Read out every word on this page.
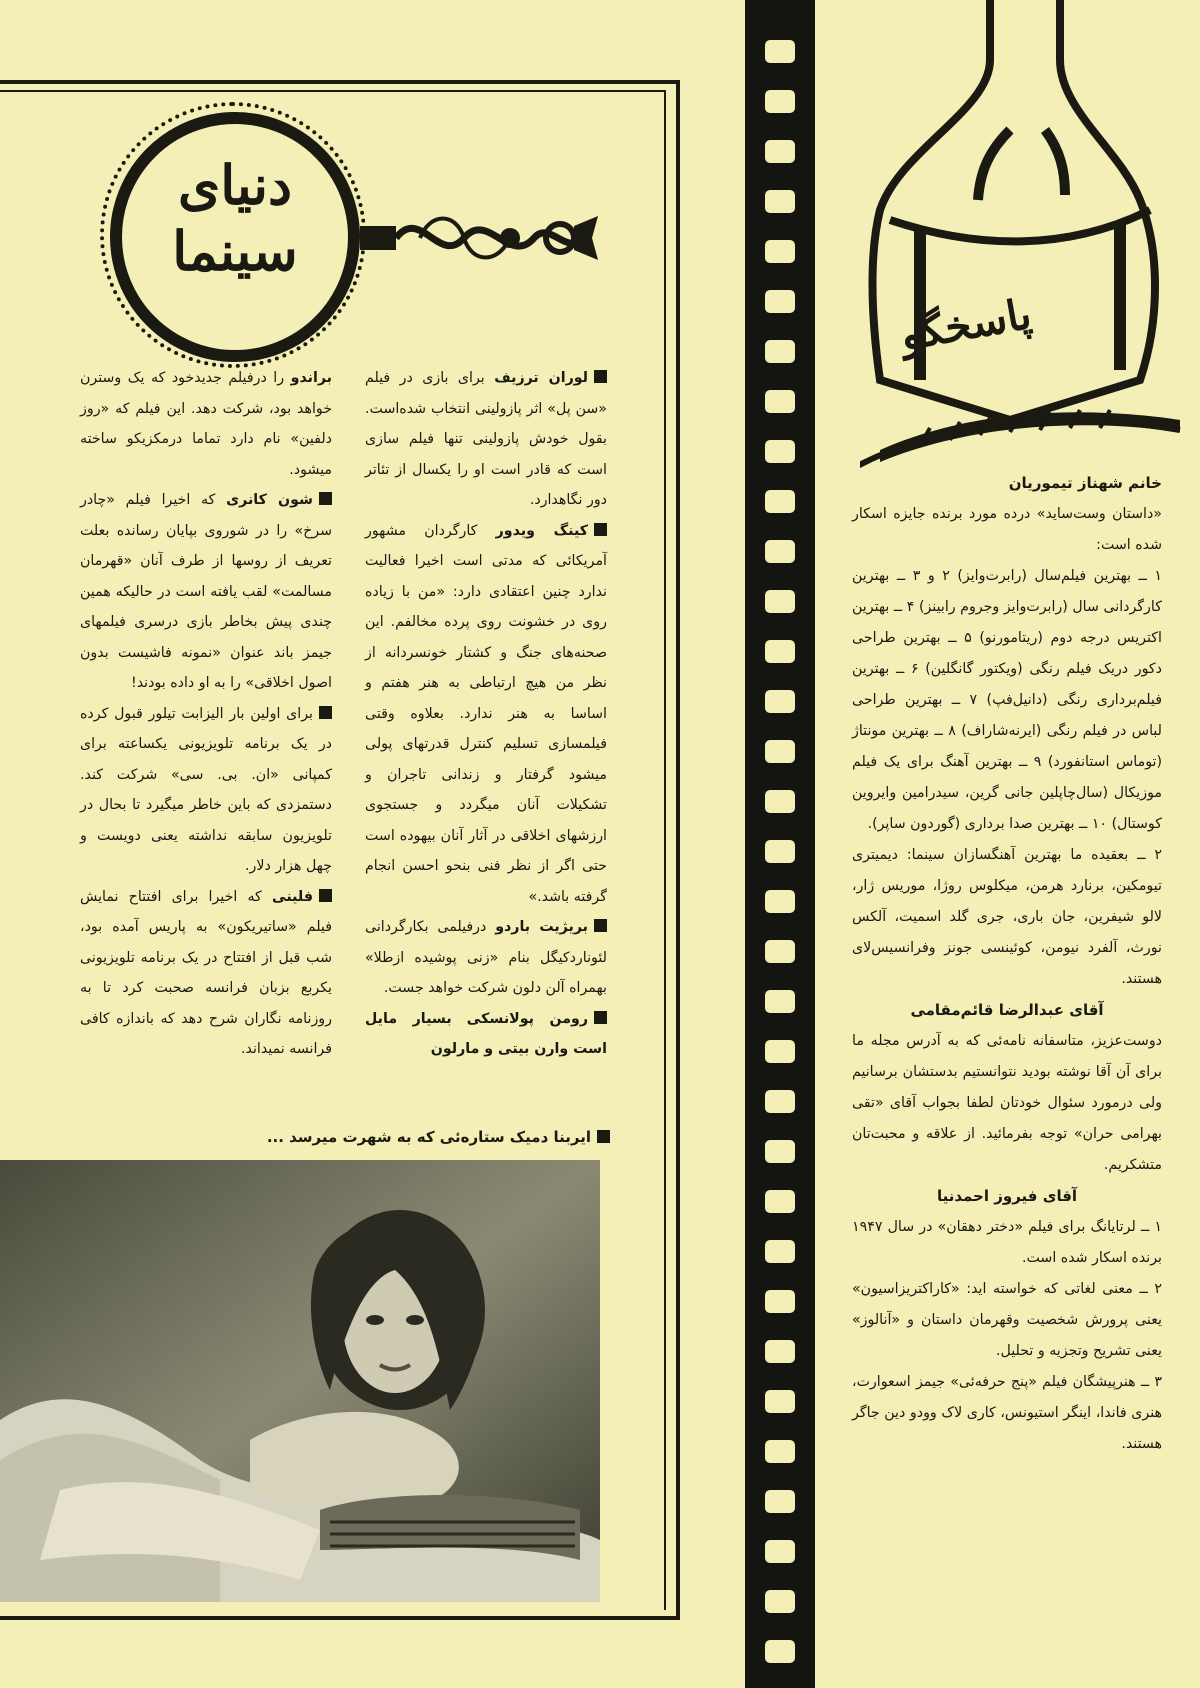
دنیای
سینما

لوران ترزیف برای بازی در فیلم «سن پل» اثر پازولینی انتخاب شده‌است. بقول خودش پازولینی تنها فیلم سازی است که قادر است او را یکسال از تئاتر دور نگاهدارد.

کینگ ویدور کارگردان مشهور آمریکائی که مدتی است اخیرا فعالیت ندارد چنین اعتقادی دارد: «من با زیاده روی در خشونت روی پرده مخالفم. این صحنه‌های جنگ و کشتار خونسردانه از نظر من هیچ ارتباطی به هنر هفتم و اساسا به هنر ندارد. بعلاوه وقتی فیلمسازی تسلیم کنترل قدرتهای پولی میشود گرفتار و زندانی تاجران و تشکیلات آنان میگردد و جستجوی ارزشهای اخلاقی در آثار آنان بیهوده است حتی اگر از نظر فنی بنحو احسن انجام گرفته باشد.»

بریژیت باردو درفیلمی بکارگردانی لئوناردکیگل بنام «زنی پوشیده ازطلا» بهمراه آلن دلون شرکت خواهد جست.

رومن پولانسکی بسیار مایل است وارن بیتی و مارلون

براندو را درفیلم جدیدخود که یک وسترن خواهد بود، شرکت دهد. این فیلم که «روز دلفین» نام دارد تماما درمکزیکو ساخته میشود.

شون کانری که اخیرا فیلم «چادر سرخ» را در شوروی بپایان رسانده بعلت تعریف از روسها از طرف آنان «قهرمان مسالمت» لقب یافته است در حالیکه همین چندی پیش بخاطر بازی درسری فیلمهای جیمز باند عنوان «نمونه فاشیست بدون اصول اخلاقی» را به او داده بودند!

برای اولین بار الیزابت تیلور قبول کرده در یک برنامه تلویزیونی یکساعته برای کمپانی «ان. بی. سی» شرکت کند. دستمزدی که باین خاطر میگیرد تا بحال در تلویزیون سابقه نداشته یعنی دویست و چهل هزار دلار.

فلینی که اخیرا برای افتتاح نمایش فیلم «ساتیریکون» به پاریس آمده بود، شب قبل از افتتاح در یک برنامه تلویزیونی یکربع بزبان فرانسه صحبت کرد تا به روزنامه نگاران شرح دهد که باندازه کافی فرانسه نمیداند.

ایربنا دمیک ستاره‌ئی که به شهرت میرسد ...
پاسخگو

خانم شهناز تیموریان

«داستان وست‌ساید» درده مورد برنده جایزه اسکار شده است:

۱ ــ بهترین فیلم‌سال (رابرت‌وایز) ۲ و ۳ ــ بهترین کارگردانی سال (رابرت‌وایز وجروم رابینز) ۴ ــ بهترین اکتریس درجه دوم (ریتامورنو) ۵ ــ بهترین طراحی دکور دریک فیلم رنگی (ویکتور گانگلین) ۶ ــ بهترین فیلم‌برداری رنگی (دانیل‌فپ) ۷ ــ بهترین طراحی لباس در فیلم رنگی (ایرنه‌شاراف) ۸ ــ بهترین مونتاژ (توماس استانفورد) ۹ ــ بهترین آهنگ برای یک فیلم موزیکال (سال‌چاپلین جانی گرین، سیدرامین وایروین کوستال) ۱۰ ــ بهترین صدا برداری (گوردون ساپر).

۲ ــ بعقیده ما بهترین آهنگسازان سینما: دیمیتری تیومکین، برنارد هرمن، میکلوس روژا، موریس ژار، لالو شیفرین، جان باری، جری گلد اسمیت، آلکس نورث، آلفرد نیومن، کوئینسی جونز وفرانسیس‌لای هستند.

آقای عبدالرضا قائم‌مقامی

دوست‌عزیز، متاسفانه نامه‌ئی که به آدرس مجله ما برای آن آقا نوشته بودید نتوانستیم بدستشان برسانیم ولی درمورد سئوال خودتان لطفا بجواب آقای «تقی بهرامی حران» توجه بفرمائید. از علاقه و محبت‌تان متشکریم.

آقای فیروز احمدنیا

۱ ــ لرتایانگ برای فیلم «دختر دهقان» در سال ۱۹۴۷ برنده اسکار شده است.

۲ ــ معنی لغاتی که خواسته اید: «کاراکتریزاسیون» یعنی پرورش شخصیت وقهرمان داستان و «آنالوز» یعنی تشریح وتجزیه و تحلیل.

۳ ــ هنرپیشگان فیلم «پنج حرفه‌ئی» جیمز اسعوارت، هنری فاندا، اینگر استیونس، کاری لاک وودو دین جاگر هستند.
